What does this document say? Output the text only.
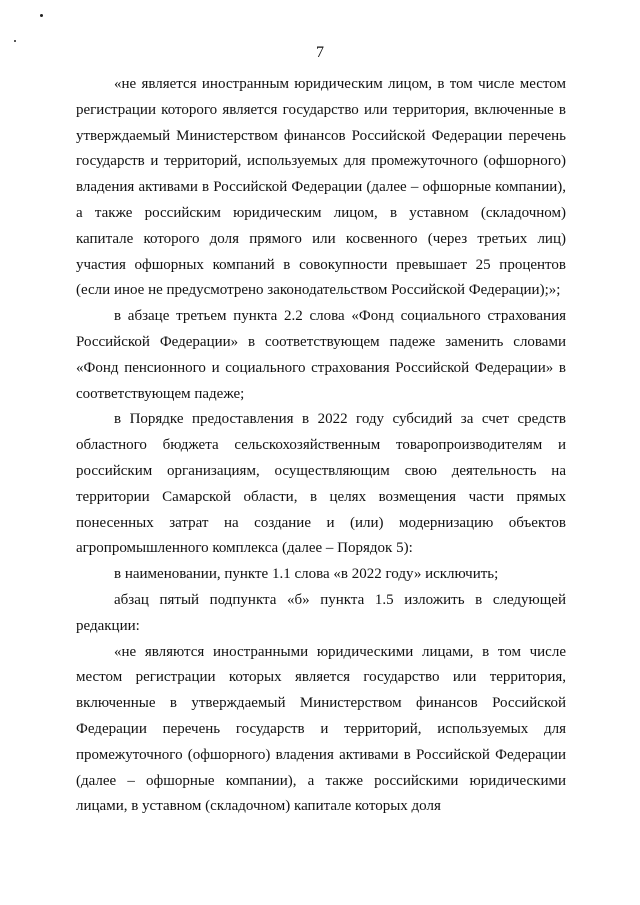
7

«не является иностранным юридическим лицом, в том числе местом регистрации которого является государство или территория, включенные в утверждаемый Министерством финансов Российской Федерации перечень государств и территорий, используемых для промежуточного (офшорного) владения активами в Российской Федерации (далее – офшорные компании), а также российским юридическим лицом, в уставном (складочном) капитале которого доля прямого или косвенного (через третьих лиц) участия офшорных компаний в совокупности превышает 25 процентов (если иное не предусмотрено законодательством Российской Федерации);»;

в абзаце третьем пункта 2.2 слова «Фонд социального страхования Российской Федерации» в соответствующем падеже заменить словами «Фонд пенсионного и социального страхования Российской Федерации» в соответствующем падеже;

в Порядке предоставления в 2022 году субсидий за счет средств областного бюджета сельскохозяйственным товаропроизводителям и российским организациям, осуществляющим свою деятельность на территории Самарской области, в целях возмещения части прямых понесенных затрат на создание и (или) модернизацию объектов агропромышленного комплекса (далее – Порядок 5):

в наименовании, пункте 1.1 слова «в 2022 году» исключить;

абзац пятый подпункта «б» пункта 1.5 изложить в следующей редакции:

«не являются иностранными юридическими лицами, в том числе местом регистрации которых является государство или территория, включенные в утверждаемый Министерством финансов Российской Федерации перечень государств и территорий, используемых для промежуточного (офшорного) владения активами в Российской Федерации (далее – офшорные компании), а также российскими юридическими лицами, в уставном (складочном) капитале которых доля
